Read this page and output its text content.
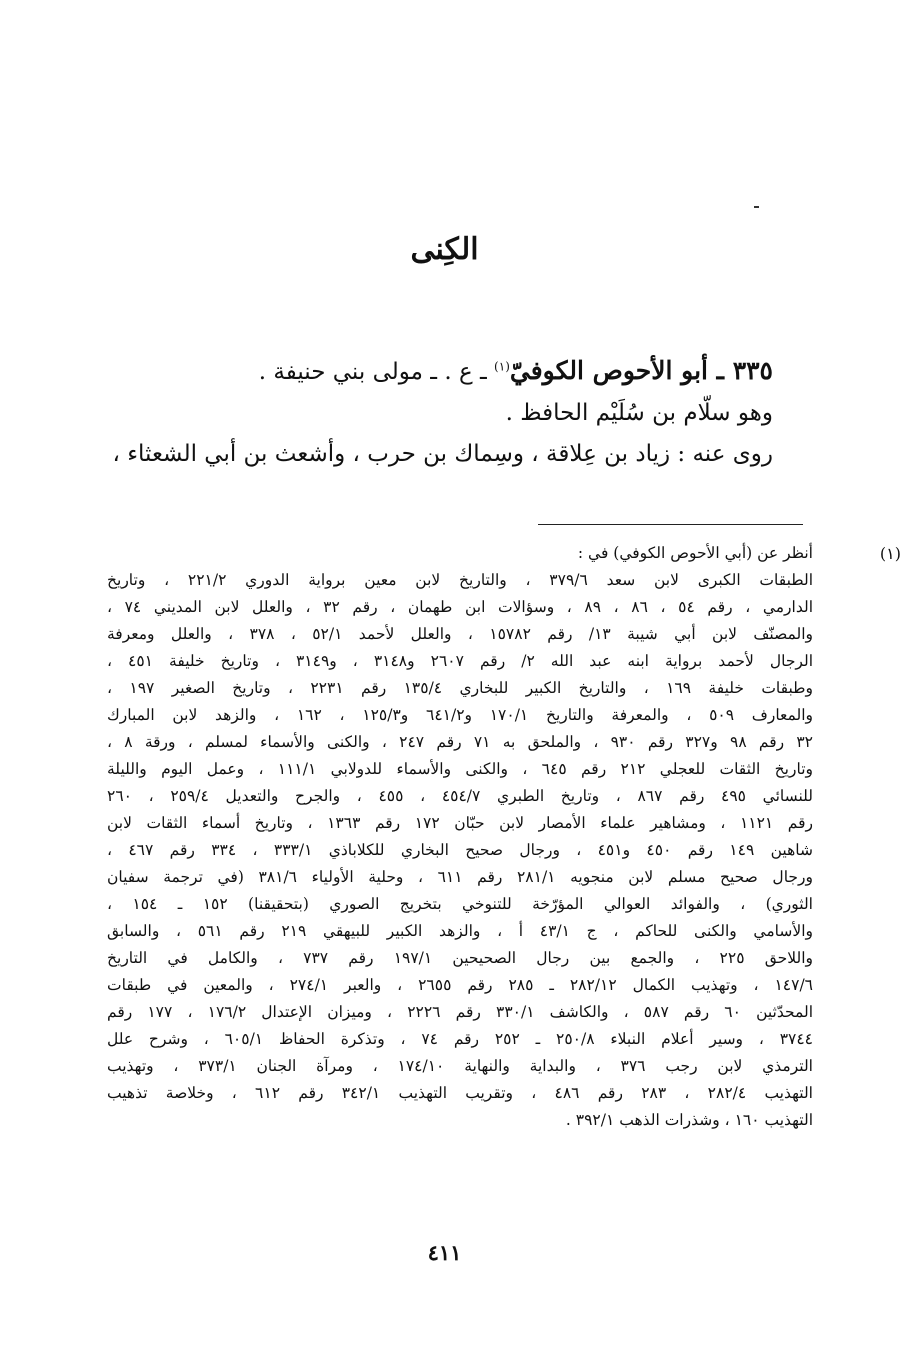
الكِنى
٣٣٥ ـ أبو الأحوص الكوفيّ$^{(١)}$ ـ ع . ـ مولى بني حنيفة .
وهو سلّام بن سُلَيْم الحافظ .
روى عنه : زياد بن عِلاقة ، وسِماك بن حرب ، وأشعث بن أبي الشعثاء ،
(١)
أنظر عن (أبي الأحوص الكوفي) في :
الطبقات الكبرى لابن سعد ٣٧٩/٦ ، والتاريخ لابن معين برواية الدوري ٢٢١/٢ ، وتاريخ
الدارمي ، رقم ٥٤ ، ٨٦ ، ٨٩ ، وسؤالات ابن طهمان ، رقم ٣٢ ، والعلل لابن المديني ٧٤ ،
والمصنّف لابن أبي شيبة ١٣/ رقم ١٥٧٨٢ ، والعلل لأحمد ٥٢/١ ، ٣٧٨ ، والعلل ومعرفة
الرجال لأحمد برواية ابنه عبد الله ٢/ رقم ٢٦٠٧ و٣١٤٨ ، و٣١٤٩ ، وتاريخ خليفة ٤٥١ ،
وطبقات خليفة ١٦٩ ، والتاريخ الكبير للبخاري ١٣٥/٤ رقم ٢٢٣١ ، وتاريخ الصغير ١٩٧ ،
والمعارف ٥٠٩ ، والمعرفة والتاريخ ١٧٠/١ و٦٤١/٢ و١٢٥/٣ ، ١٦٢ ، والزهد لابن المبارك
٣٢ رقم ٩٨ و٣٢٧ رقم ٩٣٠ ، والملحق به ٧١ رقم ٢٤٧ ، والكنى والأسماء لمسلم ، ورقة ٨ ،
وتاريخ الثقات للعجلي ٢١٢ رقم ٦٤٥ ، والكنى والأسماء للدولابي ١١١/١ ، وعمل اليوم والليلة
للنسائي ٤٩٥ رقم ٨٦٧ ، وتاريخ الطبري ٤٥٤/٧ ، ٤٥٥ ، والجرح والتعديل ٢٥٩/٤ ، ٢٦٠
رقم ١١٢١ ، ومشاهير علماء الأمصار لابن حبّان ١٧٢ رقم ١٣٦٣ ، وتاريخ أسماء الثقات لابن
شاهين ١٤٩ رقم ٤٥٠ و٤٥١ ، ورجال صحيح البخاري للكلاباذي ٣٣٣/١ ، ٣٣٤ رقم ٤٦٧ ،
ورجال صحيح مسلم لابن منجويه ٢٨١/١ رقم ٦١١ ، وحلية الأولياء ٣٨١/٦ (في ترجمة سفيان
الثوري) ، والفوائد العوالي المؤرّخة للتنوخي بتخريج الصوري (بتحقيقنا) ١٥٢ ـ ١٥٤ ،
والأسامي والكنى للحاكم ، ج ٤٣/١ أ ، والزهد الكبير للبيهقي ٢١٩ رقم ٥٦١ ، والسابق
واللاحق ٢٢٥ ، والجمع بين رجال الصحيحين ١٩٧/١ رقم ٧٣٧ ، والكامل في التاريخ
١٤٧/٦ ، وتهذيب الكمال ٢٨٢/١٢ ـ ٢٨٥ رقم ٢٦٥٥ ، والعبر ٢٧٤/١ ، والمعين في طبقات
المحدّثين ٦٠ رقم ٥٨٧ ، والكاشف ٣٣٠/١ رقم ٢٢٢٦ ، وميزان الإعتدال ١٧٦/٢ ، ١٧٧ رقم
٣٧٤٤ ، وسير أعلام النبلاء ٢٥٠/٨ ـ ٢٥٢ رقم ٧٤ ، وتذكرة الحفاظ ٦٠٥/١ ، وشرح علل
الترمذي لابن رجب ٣٧٦ ، والبداية والنهاية ١٧٤/١٠ ، ومرآة الجنان ٣٧٣/١ ، وتهذيب
التهذيب ٢٨٢/٤ ، ٢٨٣ رقم ٤٨٦ ، وتقريب التهذيب ٣٤٢/١ رقم ٦١٢ ، وخلاصة تذهيب
التهذيب ١٦٠ ، وشذرات الذهب ٣٩٢/١ .
٤١١
